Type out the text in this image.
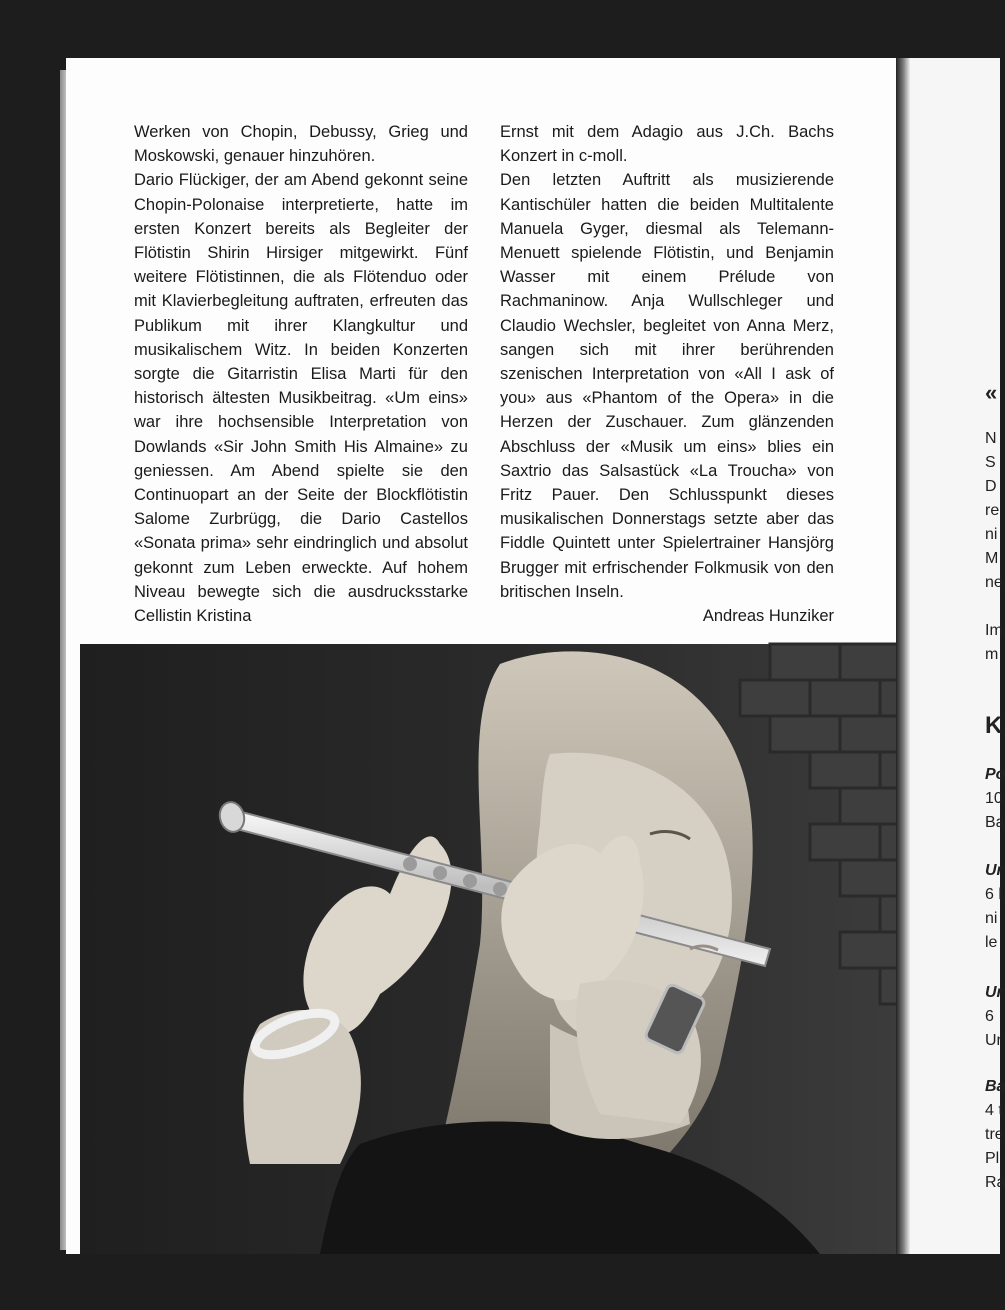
Werken von Chopin, Debussy, Grieg und Moskowski, genauer hinzuhören.

Dario Flückiger, der am Abend gekonnt seine Chopin-Polonaise interpretierte, hatte im ersten Konzert bereits als Begleiter der Flötistin Shirin Hirsiger mitgewirkt. Fünf weitere Flötistinnen, die als Flötenduo oder mit Klavierbegleitung auftraten, erfreuten das Publikum mit ihrer Klangkultur und musikalischem Witz. In beiden Konzerten sorgte die Gitarristin Elisa Marti für den historisch ältesten Musikbeitrag. «Um eins» war ihre hochsensible Interpretation von Dowlands «Sir John Smith His Almaine» zu geniessen. Am Abend spielte sie den Continuopart an der Seite der Blockflötistin Salome Zurbrügg, die Dario Castellos «Sonata prima» sehr eindringlich und absolut gekonnt zum Leben erweckte. Auf hohem Niveau bewegte sich die ausdrucksstarke Cellistin Kristina

Ernst mit dem Adagio aus J.Ch. Bachs Konzert in c-moll.

Den letzten Auftritt als musizierende Kantischüler hatten die beiden Multitalente Manuela Gyger, diesmal als Telemann-Menuett spielende Flötistin, und Benjamin Wasser mit einem Prélude von Rachmaninow. Anja Wullschleger und Claudio Wechsler, begleitet von Anna Merz, sangen sich mit ihrer berührenden szenischen Interpretation von «All I ask of you» aus «Phantom of the Opera» in die Herzen der Zuschauer. Zum glänzenden Abschluss der «Musik um eins» blies ein Saxtrio das Salsastück «La Troucha» von Fritz Pauer. Den Schlusspunkt dieses musikalischen Donnerstags setzte aber das Fiddle Quintett unter Spielertrainer Hansjörg Brugger mit erfrischender Folkmusik von den britischen Inseln.

Andreas Hunziker

«
N
S
D
re
ni
M
ne
Im
m
K
Po
10
Ba
Ur
6 l
ni
le
Ur
6
Ur
Ba
4 t
tre
Pl
Ra
